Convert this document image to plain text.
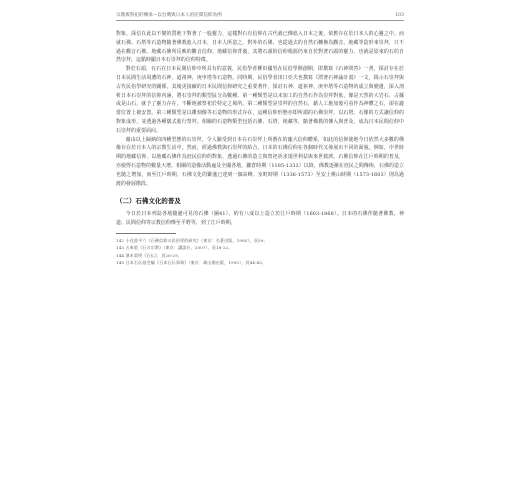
宗教與祭祀的傳承—以台灣與日本人的民間信仰為例	103

對象，深信在此以不變的質地下對著了一股靈力，這樣對石有信仰在古代就已傳進入日本之後，依舊存在於日本人的心靈之中。而就石佛、石塔等石造物隨著佛教進入日本，日本人所造之，對外的石佛，也從過去的自然石轉換為觀音、地藏等造形來崇拜，只不過在觀音石佛、地藏石佛所反映的觀音信仰、地藏信仰背後，其將石頭的信仰根源仍來自於對著石頭的靈力，也就是原來的石的自然崇拜，這點時顯日本石崇拜的信仰特徵。

對於石頭，在石在日本民間信仰中所具有的意義，民俗學者柳田國男在民俗學開創期，即撰寫《石神問答》一書，探討存在於日本民間生活周遭的石神、道祖神、庚申塔等石造物。同時期，民俗學者田口亞夫也撰寫《漂著石神論計畫》一文，揭示石崇拜與古代民俗學研究的關係。其後更接續的日本民間信仰研究之重要著作，探討石神、道祖神、庚申塔等石造物的成立與變遷，深入剖析日本石崇拜的信仰內涵，將石崇拜的類型區分為數種。第一種類型是以未加工的自然石作為崇拜對象，像是天然的大岩石，占據或是山石，就予了靈力存在，不斷地被祭祀於特定之場所。第二種類型是崇拜的自然石，藉人工施加後可看作為神體之石，卻在適當位置上被安置。第三種類型是以雕刻像等石造物的形式存在，這種信仰形態亦即所謂的石佛崇拜，以石塔、石像的方式讓信仰的對象成形，並透過各種儀式進行祭拜。相關的石造物類型包括石佛、石塔、地藏等，隨著佛教的傳入與普及，成為日本民間信仰中石崇拜的重要面向。

藉由以上歸納的四種型態的石崇拜，令人驗受到日本在石崇拜上所潛在的龐大信仰體系，如此的信仰使地今日依然大多數的佛像存在於日本人的宗教生活中。然而，經過佛教與石崇拜的結合，日本的石佛信仰在各個時代又發展出不同的面貌。例如，中世時期的地藏信仰，以地藏石佛作為庶民信仰的對象，透過石佛的造立與祭祀祈求現世利益與來世救濟。石佛信仰在江戶時期的普及，亦使得石造物的數量大增，相關的造像活動遍及全國各地。鎌倉時期（1185-1333）以降，佛教逐漸在庶民之間傳佈，石佛的造立也隨之增加，而至江戶時期，石佛文化的繁盛已達到一個高峰。室町時期（1336-1573）至安土桃山時期（1573-1603）則為過渡的發展階段。

（二）石佛文化的普及

今日於日本列島各地隨處可見的石佛（圖41），約有八成以上造立於江戶時期（1603-1868）。日本的石佛伴隨著佛教、神道、民間信仰等宗教信仰傳至平野等，到了江戶時期，

142 小花波平六《石佛信仰の民俗學的研究》（東京：名著出版，1985），頁59。
143 五來重《石の宗教》（東京：講談社，2007），頁18-22。
144 澤木榮明《石仏》，頁26-29。
145 日本石仏協会編《日本石仏事典》（東京：雄山閣出版，1995），頁44-45。
